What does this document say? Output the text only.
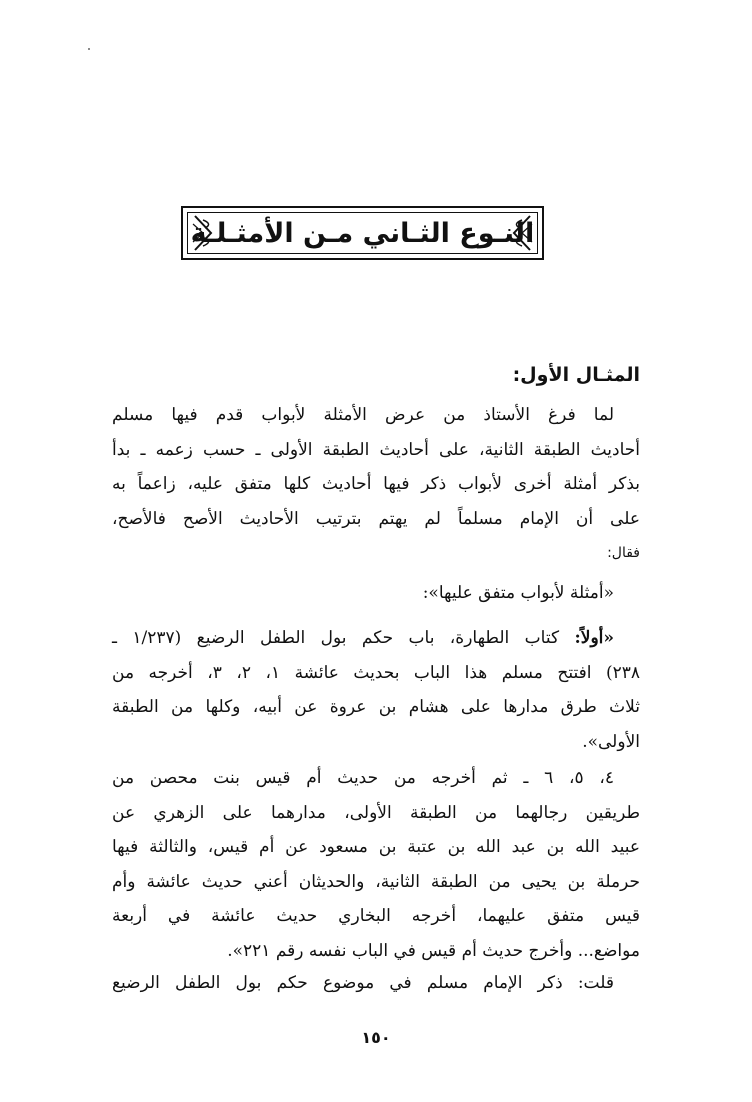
النـوع الثـاني مـن الأمثـلـة
المثـال الأول:
لما فرغ الأستاذ من عرض الأمثلة لأبواب قدم فيها مسلم
أحاديث الطبقة الثانية، على أحاديث الطبقة الأولى ـ حسب زعمه ـ بدأ
بذكر أمثلة أخرى لأبواب ذكر فيها أحاديث كلها متفق عليه، زاعماً به
على أن الإمام مسلماً لم يهتم بترتيب الأحاديث الأصح فالأصح،
فقال:
«أمثلة لأبواب متفق عليها»:
«أولاً: كتاب الطهارة، باب حكم بول الطفل الرضيع (١/٢٣٧ ـ
٢٣٨) افتتح مسلم هذا الباب بحديث عائشة ١، ٢، ٣، أخرجه من
ثلاث طرق مدارها على هشام بن عروة عن أبيه، وكلها من الطبقة
الأولى».
٤، ٥، ٦ ـ ثم أخرجه من حديث أم قيس بنت محصن من
طريقين رجالهما من الطبقة الأولى، مدارهما على الزهري عن
عبيد الله بن عبد الله بن عتبة بن مسعود عن أم قيس، والثالثة فيها
حرملة بن يحيى من الطبقة الثانية، والحديثان أعني حديث عائشة وأم
قيس متفق عليهما، أخرجه البخاري حديث عائشة في أربعة
مواضع... وأخرج حديث أم قيس في الباب نفسه رقم ٢٢١».
قلت: ذكر الإمام مسلم في موضوع حكم بول الطفل الرضيع
١٥٠
